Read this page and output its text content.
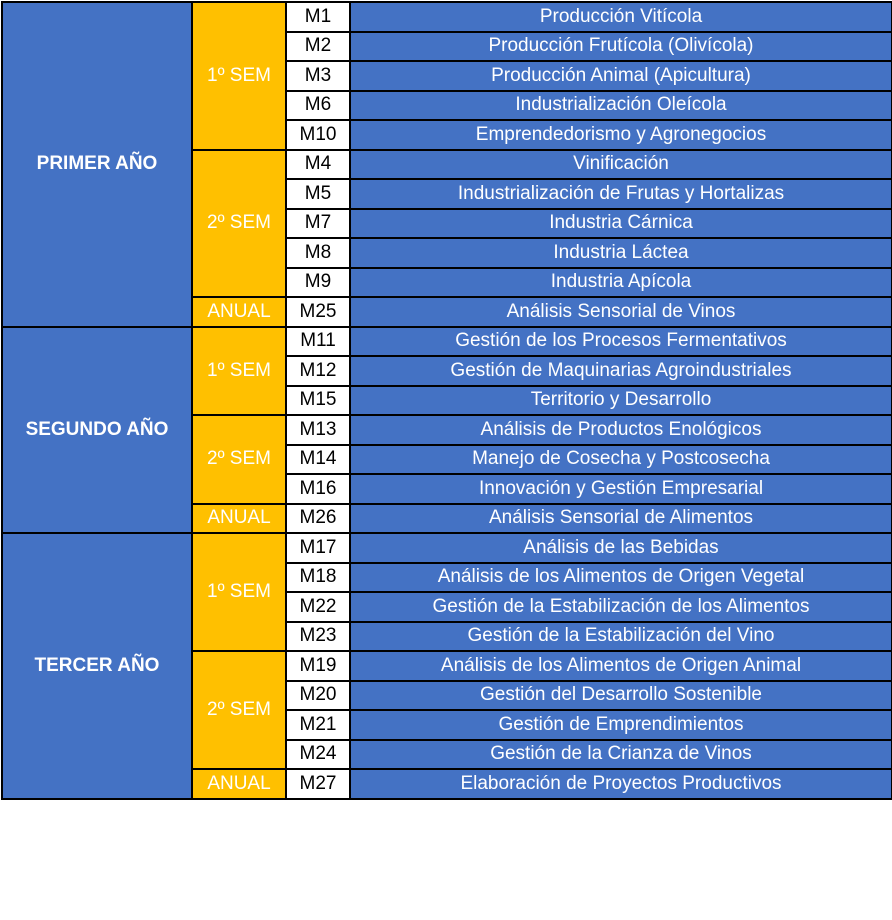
PRIMER AÑO	1º SEM	M1	Producción Vitícola
		M2	Producción Frutícola (Olivícola)
		M3	Producción Animal (Apicultura)
		M6	Industrialización Oleícola
		M10	Emprendedorismo y Agronegocios
	2º SEM	M4	Vinificación
		M5	Industrialización de Frutas y Hortalizas
		M7	Industria Cárnica
		M8	Industria Láctea
		M9	Industria Apícola
	ANUAL	M25	Análisis Sensorial de Vinos
SEGUNDO AÑO	1º SEM	M11	Gestión de los Procesos Fermentativos
		M12	Gestión de Maquinarias Agroindustriales
		M15	Territorio y Desarrollo
	2º SEM	M13	Análisis de Productos Enológicos
		M14	Manejo de Cosecha y Postcosecha
		M16	Innovación y Gestión Empresarial
	ANUAL	M26	Análisis Sensorial de Alimentos
TERCER AÑO	1º SEM	M17	Análisis de las Bebidas
		M18	Análisis de los Alimentos de Origen Vegetal
		M22	Gestión de la Estabilización de los Alimentos
		M23	Gestión de la Estabilización del Vino
	2º SEM	M19	Análisis de los Alimentos de Origen Animal
		M20	Gestión del Desarrollo Sostenible
		M21	Gestión de Emprendimientos
		M24	Gestión de la Crianza de Vinos
	ANUAL	M27	Elaboración de Proyectos Productivos
